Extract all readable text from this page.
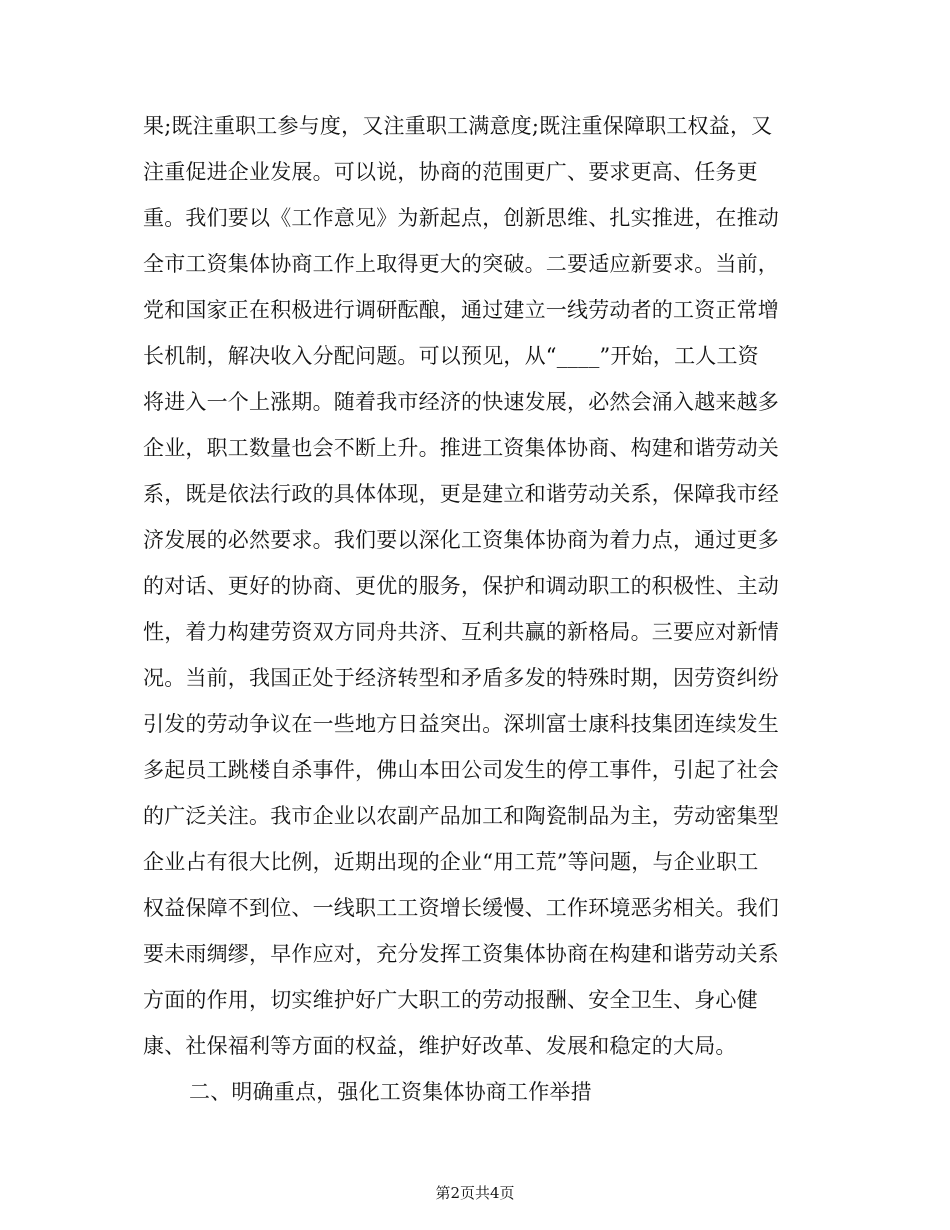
果;既注重职工参与度，又注重职工满意度;既注重保障职工权益，又
注重促进企业发展。可以说，协商的范围更广、要求更高、任务更
重。我们要以《工作意见》为新起点，创新思维、扎实推进，在推动
全市工资集体协商工作上取得更大的突破。二要适应新要求。当前，
党和国家正在积极进行调研酝酿，通过建立一线劳动者的工资正常增
长机制，解决收入分配问题。可以预见，从“____”开始，工人工资
将进入一个上涨期。随着我市经济的快速发展，必然会涌入越来越多
企业，职工数量也会不断上升。推进工资集体协商、构建和谐劳动关
系，既是依法行政的具体体现，更是建立和谐劳动关系，保障我市经
济发展的必然要求。我们要以深化工资集体协商为着力点，通过更多
的对话、更好的协商、更优的服务，保护和调动职工的积极性、主动
性，着力构建劳资双方同舟共济、互利共赢的新格局。三要应对新情
况。当前，我国正处于经济转型和矛盾多发的特殊时期，因劳资纠纷
引发的劳动争议在一些地方日益突出。深圳富士康科技集团连续发生
多起员工跳楼自杀事件，佛山本田公司发生的停工事件，引起了社会
的广泛关注。我市企业以农副产品加工和陶瓷制品为主，劳动密集型
企业占有很大比例，近期出现的企业“用工荒”等问题，与企业职工
权益保障不到位、一线职工工资增长缓慢、工作环境恶劣相关。我们
要未雨绸缪，早作应对，充分发挥工资集体协商在构建和谐劳动关系
方面的作用，切实维护好广大职工的劳动报酬、安全卫生、身心健
康、社保福利等方面的权益，维护好改革、发展和稳定的大局。
二、明确重点，强化工资集体协商工作举措
第2页共4页
